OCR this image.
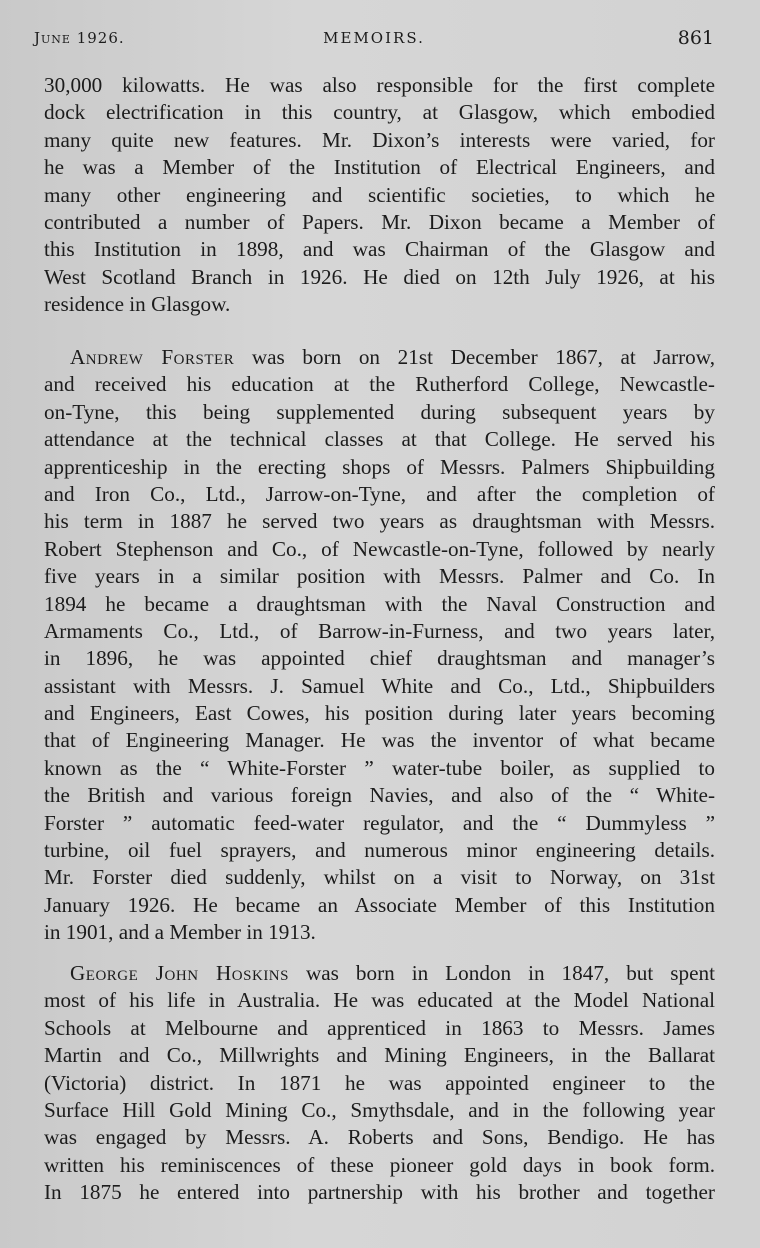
June 1926.	MEMOIRS.	861
30,000 kilowatts. He was also responsible for the first complete
dock electrification in this country, at Glasgow, which embodied
many quite new features. Mr. Dixon’s interests were varied, for
he was a Member of the Institution of Electrical Engineers, and
many other engineering and scientific societies, to which he
contributed a number of Papers. Mr. Dixon became a Member of
this Institution in 1898, and was Chairman of the Glasgow and
West Scotland Branch in 1926. He died on 12th July 1926, at his
residence in Glasgow.
Andrew Forster was born on 21st December 1867, at Jarrow,
and received his education at the Rutherford College, Newcastle-
on-Tyne, this being supplemented during subsequent years by
attendance at the technical classes at that College. He served his
apprenticeship in the erecting shops of Messrs. Palmers Shipbuilding
and Iron Co., Ltd., Jarrow-on-Tyne, and after the completion of
his term in 1887 he served two years as draughtsman with Messrs.
Robert Stephenson and Co., of Newcastle-on-Tyne, followed by nearly
five years in a similar position with Messrs. Palmer and Co. In
1894 he became a draughtsman with the Naval Construction and
Armaments Co., Ltd., of Barrow-in-Furness, and two years later,
in 1896, he was appointed chief draughtsman and manager’s
assistant with Messrs. J. Samuel White and Co., Ltd., Shipbuilders
and Engineers, East Cowes, his position during later years becoming
that of Engineering Manager. He was the inventor of what became
known as the “ White-Forster ” water-tube boiler, as supplied to
the British and various foreign Navies, and also of the “ White-
Forster ” automatic feed-water regulator, and the “ Dummyless ”
turbine, oil fuel sprayers, and numerous minor engineering details.
Mr. Forster died suddenly, whilst on a visit to Norway, on 31st
January 1926. He became an Associate Member of this Institution
in 1901, and a Member in 1913.
George John Hoskins was born in London in 1847, but spent
most of his life in Australia. He was educated at the Model National
Schools at Melbourne and apprenticed in 1863 to Messrs. James
Martin and Co., Millwrights and Mining Engineers, in the Ballarat
(Victoria) district. In 1871 he was appointed engineer to the
Surface Hill Gold Mining Co., Smythsdale, and in the following year
was engaged by Messrs. A. Roberts and Sons, Bendigo. He has
written his reminiscences of these pioneer gold days in book form.
In 1875 he entered into partnership with his brother and together
